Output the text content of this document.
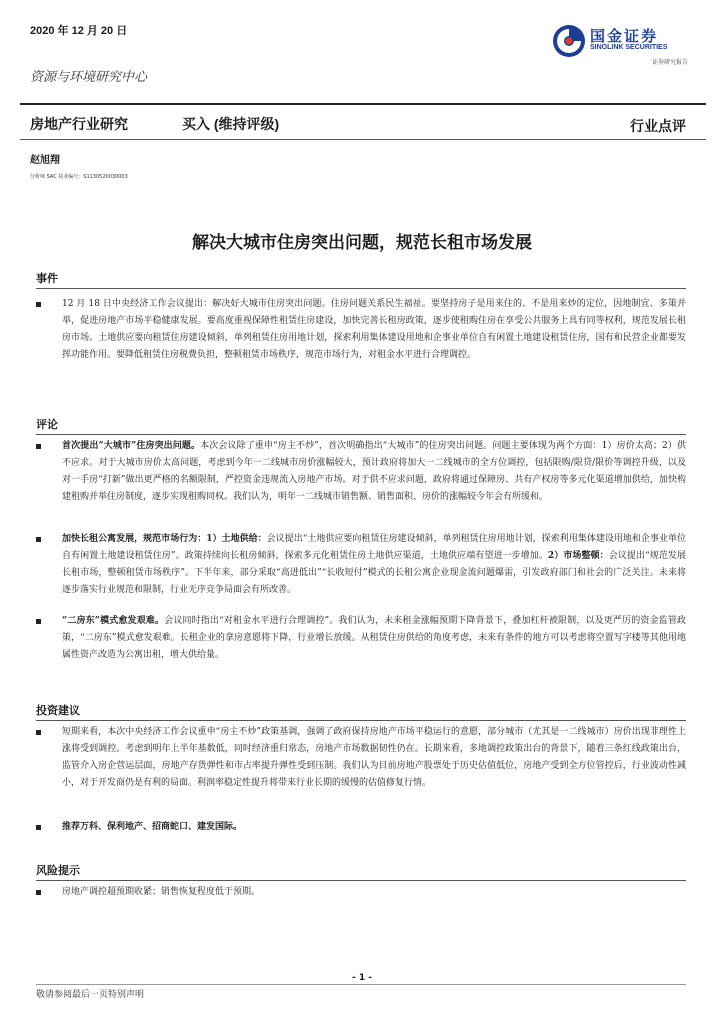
2020 年 12 月 20 日	国金证券
SINOLINK SECURITIES
证券研究报告
资源与环境研究中心
房地产行业研究	买入 (维持评级)	行业点评
赵旭翔
分析师 SAC 执业编号：S1130520030003
解决大城市住房突出问题，规范长租市场发展
事件
12 月 18 日中央经济工作会议提出：解决好大城市住房突出问题。住房问题关系民生福祉。要坚持房子是用来住的、不是用来炒的定位，因地制宜、多策并举，促进房地产市场平稳健康发展。要高度重视保障性租赁住房建设，加快完善长租房政策，逐步使租购住房在享受公共服务上具有同等权利，规范发展长租房市场。土地供应要向租赁住房建设倾斜，单列租赁住房用地计划，探索利用集体建设用地和企事业单位自有闲置土地建设租赁住房，国有和民营企业都要发挥功能作用。要降低租赁住房税费负担，整顿租赁市场秩序，规范市场行为，对租金水平进行合理调控。
评论
首次提出“大城市”住房突出问题。本次会议除了重申“房主不炒”，首次明确指出“大城市”的住房突出问题。问题主要体现为两个方面：1）房价太高；2）供不应求。对于大城市房价太高问题，考虑到今年一二线城市房价涨幅较大，预计政府将加大一二线城市的全方位调控，包括限购/限贷/限价等调控升级，以及对一手房“打新”做出更严格的名额限制，严控资金违规流入房地产市场。对于供不应求问题，政府将通过保障房、共有产权房等多元化渠道增加供给，加快构建租购并举住房制度，逐步实现租购同权。我们认为，明年一二线城市销售额、销售面积、房价的涨幅较今年会有所缓和。
加快长租公寓发展，规范市场行为：1）土地供给：会议提出“土地供应要向租赁住房建设倾斜，单列租赁住房用地计划，探索利用集体建设用地和企事业单位自有闲置土地建设租赁住房”。政策持续向长租房倾斜，探索多元化租赁住房土地供应渠道，土地供应端有望进一步增加。2）市场整顿：会议提出“规范发展长租市场，整顿租赁市场秩序”。下半年来，部分采取“高进低出”“长收短付”模式的长租公寓企业现金流问题爆雷，引发政府部门和社会的广泛关注。未来将逐步落实行业规范和限制，行业无序竞争局面会有所改善。
“二房东”模式愈发艰难。会议同时指出“对租金水平进行合理调控”。我们认为，未来租金涨幅预期下降背景下，叠加杠杆被限制，以及更严厉的资金监管政策，“二房东”模式愈发艰难。长租企业的拿房意愿将下降，行业增长放缓。从租赁住房供给的角度考虑，未来有条件的地方可以考虑将空置写字楼等其他用地属性资产改造为公寓出租，增大供给量。
投资建议
短期来看，本次中央经济工作会议重申“房主不炒”政策基调，强调了政府保持房地产市场平稳运行的意愿，部分城市（尤其是一二线城市）房价出现非理性上涨将受到调控。考虑到明年上半年基数低，同时经济重归常态，房地产市场数据韧性仍在。长期来看，多地调控政策出台的背景下，随着三条红线政策出台，监管介入房企营运层面，房地产存货弹性和市占率提升弹性受到压制。我们认为目前房地产股票处于历史估值低位，房地产受到全方位管控后，行业波动性减小，对于开发商仍是有利的局面。利润率稳定性提升将带来行业长期的缓慢的估值修复行情。
推荐万科、保利地产、招商蛇口、建发国际。
风险提示
房地产调控超预期收紧；销售恢复程度低于预期。
- 1 -
敬请参阅最后一页特别声明
